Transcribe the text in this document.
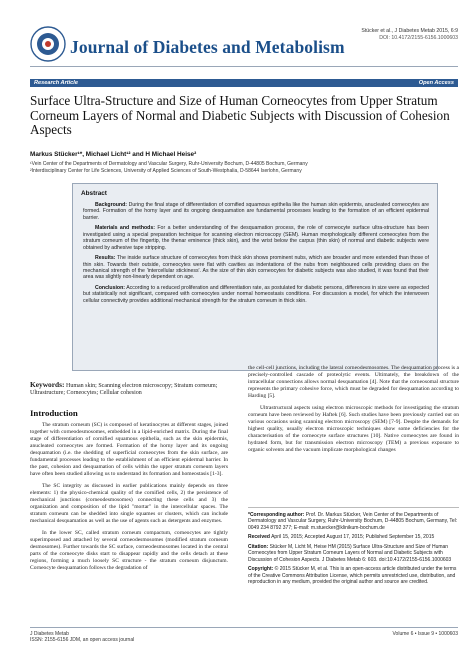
Journal of Diabetes and Metabolism
Stücker et al., J Diabetes Metab 2015, 6:9
DOI: 10.4172/2155-6156.1000603
Research Article	Open Access
Surface Ultra-Structure and Size of Human Corneocytes from Upper Stratum Corneum Layers of Normal and Diabetic Subjects with Discussion of Cohesion Aspects
Markus Stücker¹*, Michael Licht¹² and H Michael Heise²
¹Vein Center of the Departments of Dermatology and Vascular Surgery, Ruhr-University Bochum, D-44805 Bochum, Germany
²Interdisciplinary Center for Life Sciences, University of Applied Sciences of South-Westphalia, D-58644 Iserlohn, Germany
Abstract

Background: During the final stage of differentiation of cornified squamous epithelia like the human skin epidermis, anucleated corneocytes are formed. Formation of the horny layer and its ongoing desquamation are fundamental processes leading to the formation of an efficient epidermal barrier.

Materials and methods: For a better understanding of the desquamation process, the role of corneocyte surface ultra-structure has been investigated using a special preparation technique for scanning electron microscopy (SEM). Human morphologically different corneocytes from the stratum corneum of the fingertip, the thenar eminence (thick skin), and the wrist below the carpus (thin skin) of normal and diabetic subjects were obtained by adhesive tape stripping.

Results: The inside surface structure of corneocytes from thick skin shows prominent nubs, which are broader and more extended than those of thin skin. Towards their outside, corneocytes were flat with cavities as indentations of the nubs from neighboured cells providing clues on the mechanical strength of the 'intercellular stickiness'. As the size of thin skin corneocytes for diabetic subjects was also studied, it was found that their area was slightly non-linearly dependent on age.

Conclusion: According to a reduced proliferation and differentiation rate, as postulated for diabetic persons, differences in size were as expected but statistically not significant, compared with corneocytes under normal homeostasis conditions. For discussion a model, for which the interwoven cellular connectivity provides additional mechanical strength for the stratum corneum in thick skin.

Keywords: Human skin; Scanning electron microscopy; Stratum corneum; Ultrastructure; Corneocytes; Cellular cohesion
Introduction

The stratum corneum (SC) is composed of keratinocytes at different stages, joined together with corneodesmosomes, embedded in a lipid-enriched matrix. During the final stage of differentiation of cornified squamous epithelia, such as the skin epidermis, anucleated corneocytes are formed. Formation of the horny layer and its ongoing desquamation (i.e. the shedding of superficial corneocytes from the skin surface, are fundamental processes leading to the establishment of an efficient epidermal barrier. In the past, cohesion and desquamation of cells within the upper stratum corneum layers have often been studied allowing us to understand its formation and homeostasis [1-3].

The SC integrity as discussed in earlier publications mainly depends on three elements: 1) the physico-chemical quality of the cornified cells, 2) the persistence of mechanical junctions (corneodesmosomes) connecting these cells and 3) the organization and composition of the lipid "mortar" in the intercellular spaces. The stratum corneum can be shedded into single squames or clusters, which can include mechanical desquamation as well as the use of agents such as detergents and enzymes.

In the lower SC, called stratum corneum compactum, corneocytes are tightly superimposed and attached by several corneodesmosomes (modified stratum corneum desmosomes). Further towards the SC surface, corneodesmosomes located in the central parts of the corneocyte disks start to disappear rapidly and the cells detach at these regions, forming a much loosely SC structure - the stratum corneum disjunctum. Corneocyte desquamation follows the degradation of

the cell-cell junctions, including the lateral corneodesmosomes. The desquamation process is a precisely-controlled cascade of proteolytic events. Ultimately, the breakdown of the intracellular connections allows normal desquamation [4]. Note that the corneosomal structure represents the primary cohesive force, which must be degraded for desquamation according to Harding [5].

Ultrastructural aspects using electron microscopic methods for investigating the stratum corneum have been reviewed by Haftek [6]. Such studies have been previously carried out on various occasions using scanning electron microscopy (SEM) [7-9]. Despite the demands for highest quality, usually electron microscopic techniques show some deficiencies for the characterisation of the corneocyte surface structures [10]. Native corneocytes are found in hydrated form, but for transmission electron microscopy (TEM) a previous exposure to organic solvents and the vacuum implicate morphological changes

*Corresponding author: Prof. Dr. Markus Stücker, Vein Center of the Departments of Dermatology and Vascular Surgery, Ruhr-University Bochum, D-44805 Bochum, Germany, Tel: 0049 234 8792 377; E-mail: m.stuecker@klinikum-bochum.de

Received April 15, 2015; Accepted August 17, 2015; Published September 15, 2015

Citation: Stücker M, Licht M, Heise HM (2015) Surface Ultra-Structure and Size of Human Corneocytes from Upper Stratum Corneum Layers of Normal and Diabetic Subjects with Discussion of Cohesion Aspects. J Diabetes Metab 6: 603. doi:10.4172/2155-6156.1000603

Copyright: © 2015 Stücker M, et al. This is an open-access article distributed under the terms of the Creative Commons Attribution License, which permits unrestricted use, distribution, and reproduction in any medium, provided the original author and source are credited.

J Diabetes Metab
ISSN: 2155-6156 JDM, an open access journal
Volume 6 • Issue 9 • 1000603
